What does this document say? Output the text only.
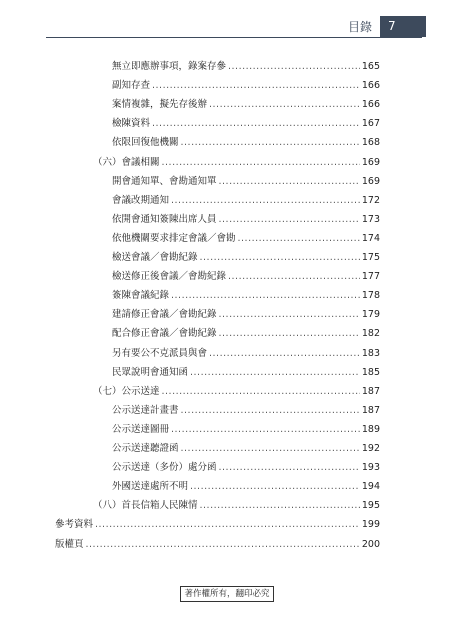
目錄	7
無立即應辦事項，錄案存參 .....	165
副知存查 .....	166
案情複雜，擬先存後辦 .....	166
檢陳資料 .....	167
依限回復他機關 .....	168
（六）會議相關 .....	169
開會通知單、會勘通知單 .....	169
會議改期通知 .....	172
依開會通知簽陳出席人員 .....	173
依他機關要求排定會議／會勘 .....	174
檢送會議／會勘紀錄 .....	175
檢送修正後會議／會勘紀錄 .....	177
簽陳會議紀錄 .....	178
建請修正會議／會勘紀錄 .....	179
配合修正會議／會勘紀錄 .....	182
另有要公不克派員與會 .....	183
民眾說明會通知函 .....	185
（七）公示送達 .....	187
公示送達計畫書 .....	187
公示送達圖冊 .....	189
公示送達聽證函 .....	192
公示送達（多份）處分函 .....	193
外國送達處所不明 .....	194
（八）首長信箱人民陳情 .....	195
參考資料 .....	199
版權頁 .....	200
著作權所有，翻印必究
